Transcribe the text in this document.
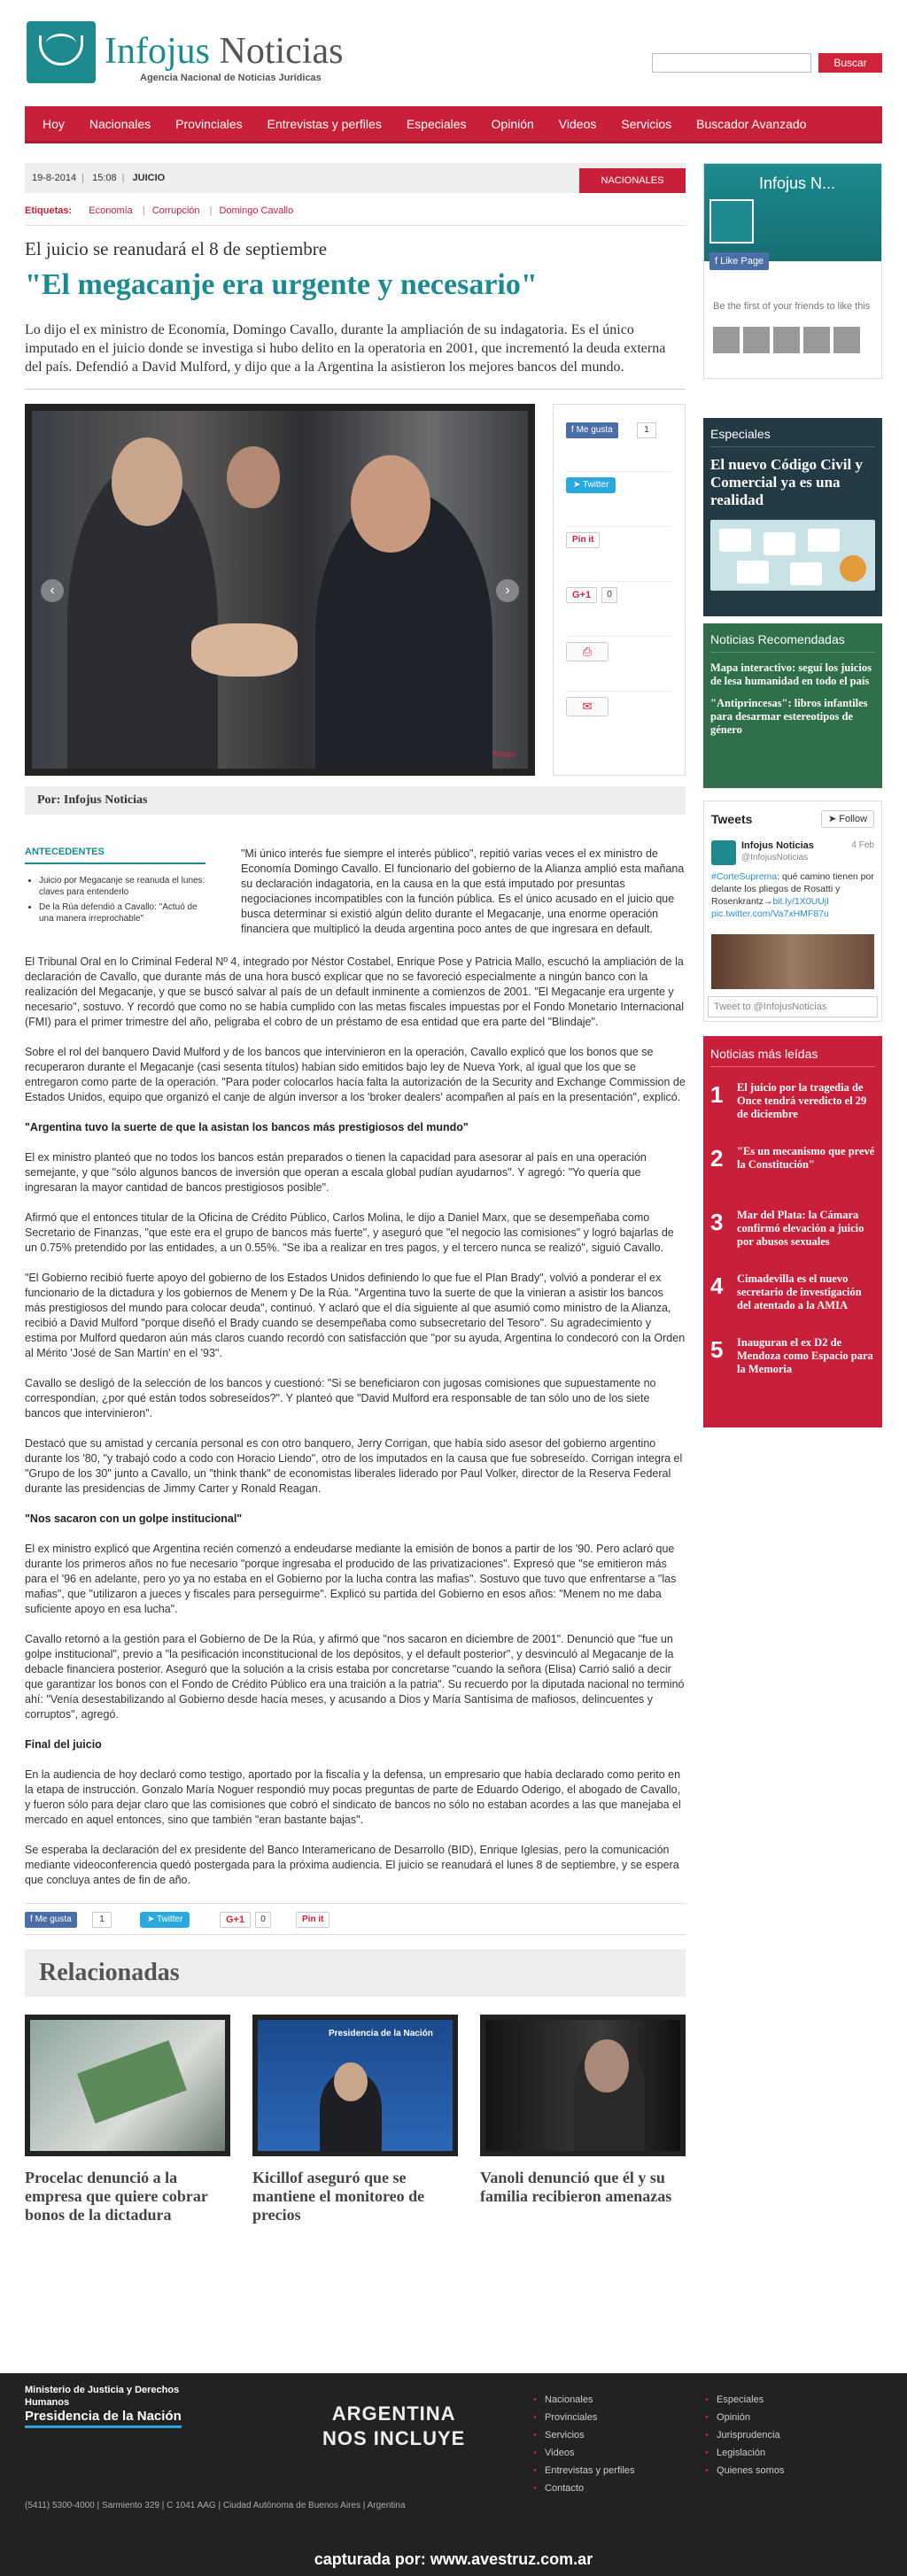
Infojus Noticias
Agencia Nacional de Noticias Jurídicas
Buscar
Hoy	Nacionales	Provinciales	Entrevistas y perfiles	Especiales	Opinión	Videos	Servicios	Buscador Avanzado
19-8-2014 | 15:08 | JUICIO	NACIONALES
Etiquetas: Economía | Corrupción | Domingo Cavallo
El juicio se reanudará el 8 de septiembre
"El megacanje era urgente y necesario"
Lo dijo el ex ministro de Economía, Domingo Cavallo, durante la ampliación de su indagatoria. Es el único imputado en el juicio donde se investiga si hubo delito en la operatoria en 2001, que incrementó la deuda externa del país. Defendió a David Mulford, y dijo que a la Argentina la asistieron los mejores bancos del mundo.
‹	›
Telam
f Me gusta	1
➤ Twitter
Pin it
G+1	0
⎙
✉
Por: Infojus Noticias
ANTECEDENTES
• Juicio por Megacanje se reanuda el lunes: claves para entenderlo
• De la Rúa defendió a Cavallo: "Actuó de una manera irreprochable"
"Mi único interés fue siempre el interés público", repitió varias veces el ex ministro de Economía Domingo Cavallo. El funcionario del gobierno de la Alianza amplió esta mañana su declaración indagatoria, en la causa en la que está imputado por presuntas negociaciones incompatibles con la función pública. Es el único acusado en el juicio que busca determinar si existió algún delito durante el Megacanje, una enorme operación financiera que multiplicó la deuda argentina poco antes de que ingresara en default.

El Tribunal Oral en lo Criminal Federal Nº 4, integrado por Néstor Costabel, Enrique Pose y Patricia Mallo, escuchó la ampliación de la declaración de Cavallo, que durante más de una hora buscó explicar que no se favoreció especialmente a ningún banco con la realización del Megacanje, y que se buscó salvar al país de un default inminente a comienzos de 2001. "El Megacanje era urgente y necesario", sostuvo. Y recordó que como no se había cumplido con las metas fiscales impuestas por el Fondo Monetario Internacional (FMI) para el primer trimestre del año, peligraba el cobro de un préstamo de esa entidad que era parte del "Blindaje".

Sobre el rol del banquero David Mulford y de los bancos que intervinieron en la operación, Cavallo explicó que los bonos que se recuperaron durante el Megacanje (casi sesenta títulos) habían sido emitidos bajo ley de Nueva York, al igual que los que se entregaron como parte de la operación. "Para poder colocarlos hacía falta la autorización de la Security and Exchange Commission de Estados Unidos, equipo que organizó el canje de algún inversor a los 'broker dealers' acompañen al país en la presentación", explicó.

"Argentina tuvo la suerte de que la asistan los bancos más prestigiosos del mundo"

El ex ministro planteó que no todos los bancos están preparados o tienen la capacidad para asesorar al país en una operación semejante, y que "sólo algunos bancos de inversión que operan a escala global pudían ayudarnos". Y agregó: "Yo quería que ingresaran la mayor cantidad de bancos prestigiosos posible".

Afirmó que el entonces titular de la Oficina de Crédito Público, Carlos Molina, le dijo a Daniel Marx, que se desempeñaba como Secretario de Finanzas, "que este era el grupo de bancos más fuerte", y aseguró que "el negocio las comisiones" y logró bajarlas de un 0.75% pretendido por las entidades, a un 0.55%. "Se iba a realizar en tres pagos, y el tercero nunca se realizó", siguió Cavallo.

"El Gobierno recibió fuerte apoyo del gobierno de los Estados Unidos definiendo lo que fue el Plan Brady", volvió a ponderar el ex funcionario de la dictadura y los gobiernos de Menem y De la Rúa. "Argentina tuvo la suerte de que la vinieran a asistir los bancos más prestigiosos del mundo para colocar deuda", continuó. Y aclaró que el día siguiente al que asumió como ministro de la Alianza, recibió a David Mulford "porque diseñó el Brady cuando se desempeñaba como subsecretario del Tesoro". Su agradecimiento y estima por Mulford quedaron aún más claros cuando recordó con satisfacción que "por su ayuda, Argentina lo condecoró con la Orden al Mérito 'José de San Martín' en el '93".

Cavallo se desligó de la selección de los bancos y cuestionó: "Si se beneficiaron con jugosas comisiones que supuestamente no correspondían, ¿por qué están todos sobreseídos?". Y planteó que "David Mulford era responsable de tan sólo uno de los siete bancos que intervinieron".

Destacó que su amistad y cercanía personal es con otro banquero, Jerry Corrigan, que había sido asesor del gobierno argentino durante los '80, "y trabajó codo a codo con Horacio Liendo", otro de los imputados en la causa que fue sobreseído. Corrigan integra el "Grupo de los 30" junto a Cavallo, un "think thank" de economistas liberales liderado por Paul Volker, director de la Reserva Federal durante las presidencias de Jimmy Carter y Ronald Reagan.

"Nos sacaron con un golpe institucional"

El ex ministro explicó que Argentina recién comenzó a endeudarse mediante la emisión de bonos a partir de los '90. Pero aclaró que durante los primeros años no fue necesario "porque ingresaba el producido de las privatizaciones". Expresó que "se emitieron más para el '96 en adelante, pero yo ya no estaba en el Gobierno por la lucha contra las mafias". Sostuvo que tuvo que enfrentarse a "las mafias", que "utilizaron a jueces y fiscales para perseguirme". Explicó su partida del Gobierno en esos años: "Menem no me daba suficiente apoyo en esa lucha".

Cavallo retornó a la gestión para el Gobierno de De la Rúa, y afirmó que "nos sacaron en diciembre de 2001". Denunció que "fue un golpe institucional", previo a "la pesificación inconstitucional de los depósitos, y el default posterior", y desvinculó al Megacanje de la debacle financiera posterior. Aseguró que la solución a la crisis estaba por concretarse "cuando la señora (Elisa) Carrió salió a decir que garantizar los bonos con el Fondo de Crédito Público era una traición a la patria". Su recuerdo por la diputada nacional no terminó ahí: "Venía desestabilizando al Gobierno desde hacía meses, y acusando a Dios y María Santísima de mafiosos, delincuentes y corruptos", agregó.

Final del juicio

En la audiencia de hoy declaró como testigo, aportado por la fiscalía y la defensa, un empresario que había declarado como perito en la etapa de instrucción. Gonzalo María Noguer respondió muy pocas preguntas de parte de Eduardo Oderigo, el abogado de Cavallo, y fueron sólo para dejar claro que las comisiones que cobró el sindicato de bancos no sólo no estaban acordes a las que manejaba el mercado en aquel entonces, sino que también "eran bastante bajas".

Se esperaba la declaración del ex presidente del Banco Interamericano de Desarrollo (BID), Enrique Iglesias, pero la comunicación mediante videoconferencia quedó postergada para la próxima audiencia. El juicio se reanudará el lunes 8 de septiembre, y se espera que concluya antes de fin de año.

f Me gusta	1	➤ Twitter	G+1	0	Pin it
Relacionadas
Procelac denunció a la empresa que quiere cobrar bonos de la dictadura
Presidencia de la Nación
Kicillof aseguró que se mantiene el monitoreo de precios
Vanoli denunció que él y su familia recibieron amenazas
Infojus N...
f Like Page
Be the first of your friends to like this
Especiales
El nuevo Código Civil y Comercial ya es una realidad
Noticias Recomendadas
Mapa interactivo: seguí los juicios de lesa humanidad en todo el país
"Antiprincesas": libros infantiles para desarmar estereotipos de género
Tweets	➤ Follow
Infojus Noticias
@InfojusNoticias
4 Feb
#CorteSuprema: qué camino tienen por delante los pliegos de Rosatti y Rosenkrantz→bit.ly/1X0UUjI pic.twitter.com/Va7xHMF87u
Tweet to @InfojusNoticias
Noticias más leídas
1 El juicio por la tragedia de Once tendrá veredicto el 29 de diciembre
2 "Es un mecanismo que prevé la Constitución"
3 Mar del Plata: la Cámara confirmó elevación a juicio por abusos sexuales
4 Cimadevilla es el nuevo secretario de investigación del atentado a la AMIA
5 Inauguran el ex D2 de Mendoza como Espacio para la Memoria
Ministerio de Justicia y Derechos Humanos
Presidencia de la Nación
(5411) 5300-4000 | Sarmiento 329 | C 1041 AAG | Ciudad Autónoma de Buenos Aires | Argentina
ARGENTINA
NOS INCLUYE
•   Nacionales
•   Provinciales
•   Servicios
•   Videos
•   Entrevistas y perfiles
•   Contacto
•   Especiales
•   Opinión
•   Jurisprudencia
•   Legislación
•   Quienes somos
capturada por: www.avestruz.com.ar
